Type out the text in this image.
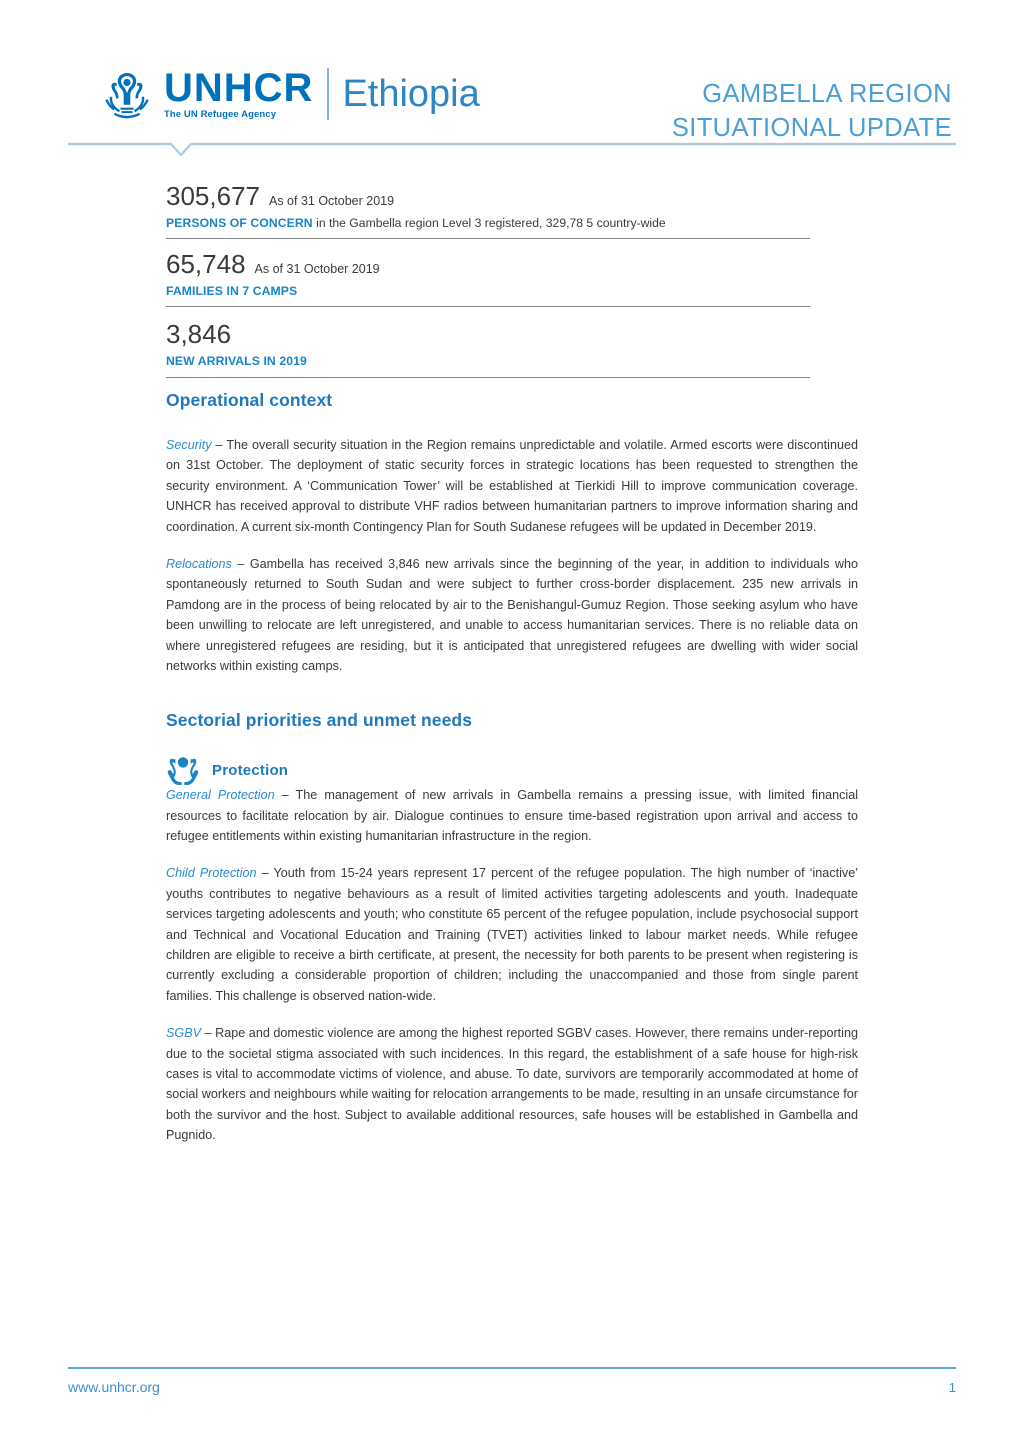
UNHCR
The UN Refugee Agency	Ethiopia	GAMBELLA REGION
SITUATIONAL UPDATE
305,677 As of 31 October 2019
PERSONS OF CONCERN in the Gambella region Level 3 registered, 329,78 5 country-wide
65,748 As of 31 October 2019
FAMILIES IN 7 CAMPS
3,846
NEW ARRIVALS IN 2019
Operational context

Security – The overall security situation in the Region remains unpredictable and volatile. Armed escorts were discontinued on 31st October. The deployment of static security forces in strategic locations has been requested to strengthen the security environment. A ‘Communication Tower’ will be established at Tierkidi Hill to improve communication coverage. UNHCR has received approval to distribute VHF radios between humanitarian partners to improve information sharing and coordination. A current six-month Contingency Plan for South Sudanese refugees will be updated in December 2019.

Relocations – Gambella has received 3,846 new arrivals since the beginning of the year, in addition to individuals who spontaneously returned to South Sudan and were subject to further cross-border displacement. 235 new arrivals in Pamdong are in the process of being relocated by air to the Benishangul-Gumuz Region. Those seeking asylum who have been unwilling to relocate are left unregistered, and unable to access humanitarian services. There is no reliable data on where unregistered refugees are residing, but it is anticipated that unregistered refugees are dwelling with wider social networks within existing camps.

Sectorial priorities and unmet needs
Protection

General Protection – The management of new arrivals in Gambella remains a pressing issue, with limited financial resources to facilitate relocation by air. Dialogue continues to ensure time-based registration upon arrival and access to refugee entitlements within existing humanitarian infrastructure in the region.

Child Protection – Youth from 15-24 years represent 17 percent of the refugee population. The high number of ‘inactive’ youths contributes to negative behaviours as a result of limited activities targeting adolescents and youth. Inadequate services targeting adolescents and youth; who constitute 65 percent of the refugee population, include psychosocial support and Technical and Vocational Education and Training (TVET) activities linked to labour market needs. While refugee children are eligible to receive a birth certificate, at present, the necessity for both parents to be present when registering is currently excluding a considerable proportion of children; including the unaccompanied and those from single parent families. This challenge is observed nation-wide.

SGBV – Rape and domestic violence are among the highest reported SGBV cases. However, there remains under-reporting due to the societal stigma associated with such incidences. In this regard, the establishment of a safe house for high-risk cases is vital to accommodate victims of violence, and abuse. To date, survivors are temporarily accommodated at home of social workers and neighbours while waiting for relocation arrangements to be made, resulting in an unsafe circumstance for both the survivor and the host. Subject to available additional resources, safe houses will be established in Gambella and Pugnido.

www.unhcr.org	1
